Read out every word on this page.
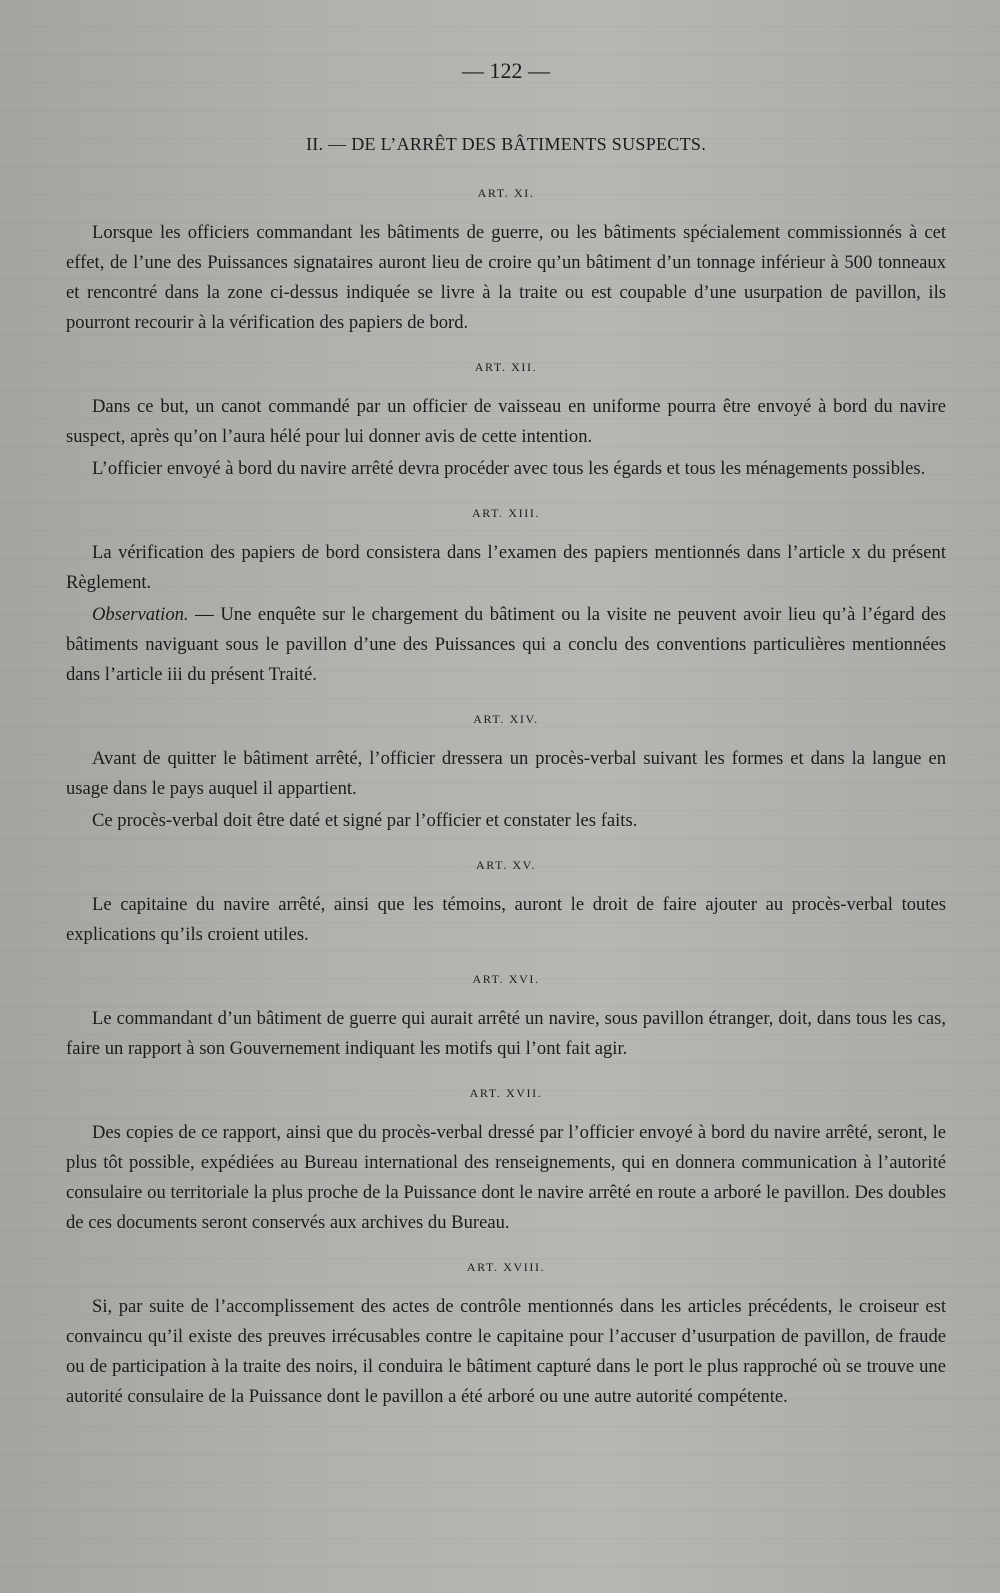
— 122 —
II. — DE L’ARRÊT DES BÂTIMENTS SUSPECTS.
ART. XI.

Lorsque les officiers commandant les bâtiments de guerre, ou les bâtiments spécialement commissionnés à cet effet, de l’une des Puissances signataires auront lieu de croire qu’un bâtiment d’un tonnage inférieur à 500 tonneaux et rencontré dans la zone ci-dessus indiquée se livre à la traite ou est coupable d’une usurpation de pavillon, ils pourront recourir à la vérification des papiers de bord.

ART. XII.

Dans ce but, un canot commandé par un officier de vaisseau en uniforme pourra être envoyé à bord du navire suspect, après qu’on l’aura hélé pour lui donner avis de cette intention.

L’officier envoyé à bord du navire arrêté devra procéder avec tous les égards et tous les ménagements possibles.

ART. XIII.

La vérification des papiers de bord consistera dans l’examen des papiers mentionnés dans l’article x du présent Règlement.

Observation. — Une enquête sur le chargement du bâtiment ou la visite ne peuvent avoir lieu qu’à l’égard des bâtiments naviguant sous le pavillon d’une des Puissances qui a conclu des conventions particulières mentionnées dans l’article iii du présent Traité.

ART. XIV.

Avant de quitter le bâtiment arrêté, l’officier dressera un procès-verbal suivant les formes et dans la langue en usage dans le pays auquel il appartient.

Ce procès-verbal doit être daté et signé par l’officier et constater les faits.

ART. XV.

Le capitaine du navire arrêté, ainsi que les témoins, auront le droit de faire ajouter au procès-verbal toutes explications qu’ils croient utiles.

ART. XVI.

Le commandant d’un bâtiment de guerre qui aurait arrêté un navire, sous pavillon étranger, doit, dans tous les cas, faire un rapport à son Gouvernement indiquant les motifs qui l’ont fait agir.

ART. XVII.

Des copies de ce rapport, ainsi que du procès-verbal dressé par l’officier envoyé à bord du navire arrêté, seront, le plus tôt possible, expédiées au Bureau international des renseignements, qui en donnera communication à l’autorité consulaire ou territoriale la plus proche de la Puissance dont le navire arrêté en route a arboré le pavillon. Des doubles de ces documents seront conservés aux archives du Bureau.

ART. XVIII.

Si, par suite de l’accomplissement des actes de contrôle mentionnés dans les articles précédents, le croiseur est convaincu qu’il existe des preuves irrécusables contre le capitaine pour l’accuser d’usurpation de pavillon, de fraude ou de participation à la traite des noirs, il conduira le bâtiment capturé dans le port le plus rapproché où se trouve une autorité consulaire de la Puissance dont le pavillon a été arboré ou une autre autorité compétente.
